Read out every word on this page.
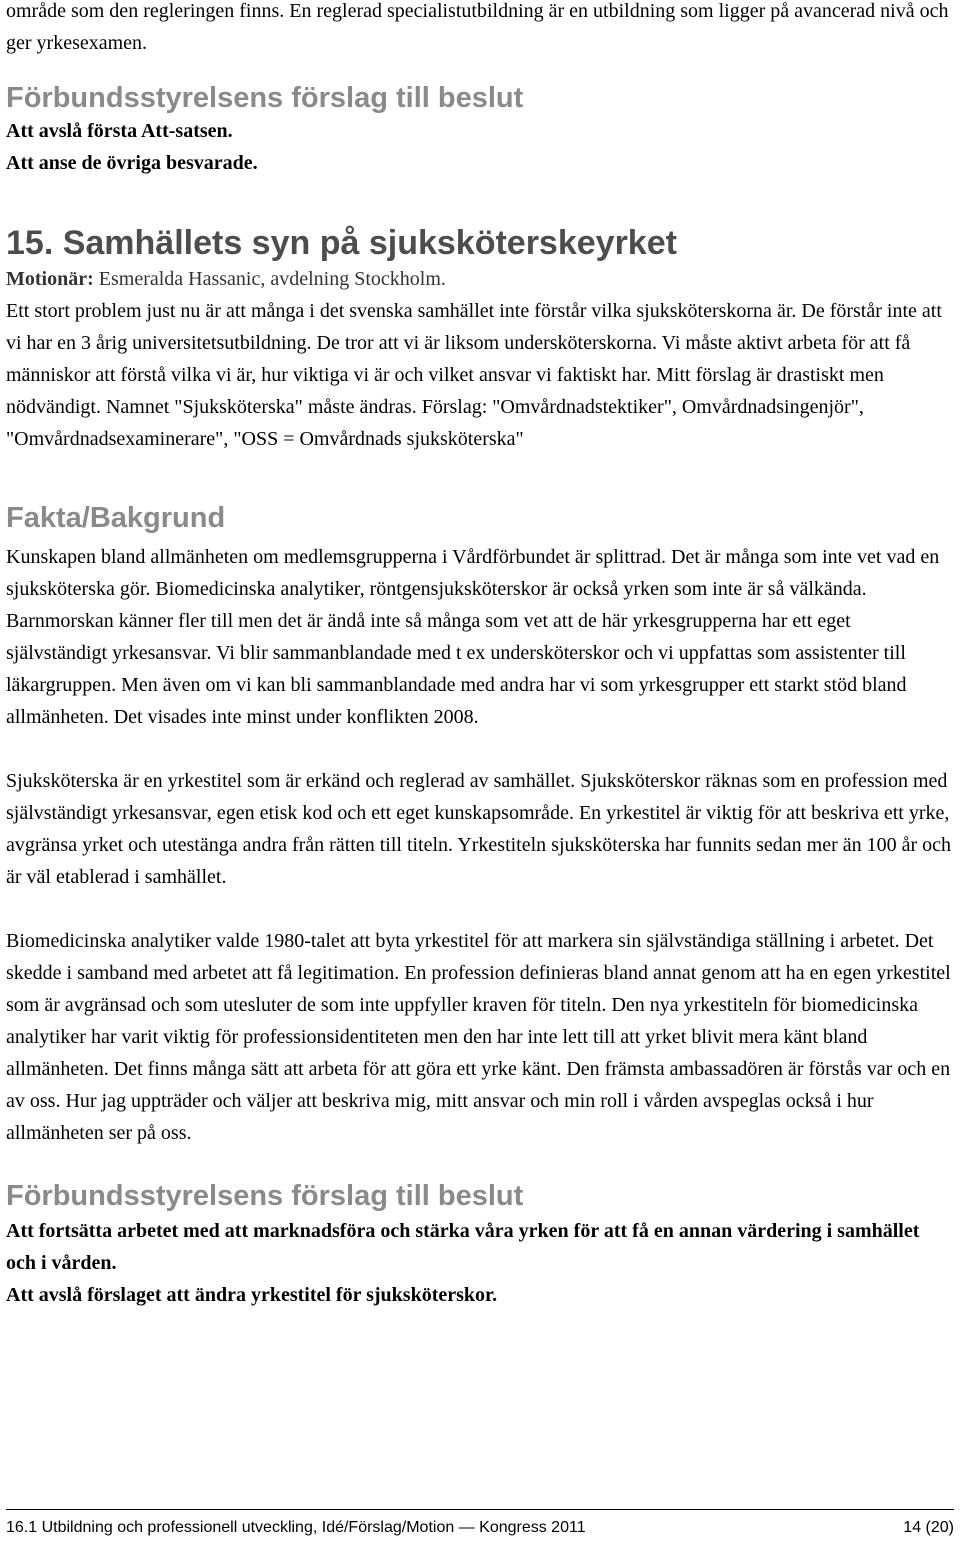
område som den regleringen finns. En reglerad specialistutbildning är en utbildning som ligger på avancerad nivå och ger yrkesexamen.

Förbundsstyrelsens förslag till beslut

Att avslå första Att-satsen.

Att anse de övriga besvarade.

15. Samhällets syn på sjuksköterskeyrket

Motionär: Esmeralda Hassanic, avdelning Stockholm.

Ett stort problem just nu är att många i det svenska samhället inte förstår vilka sjuksköterskorna är. De förstår inte att vi har en 3 årig universitetsutbildning. De tror att vi är liksom undersköterskorna. Vi måste aktivt arbeta för att få människor att förstå vilka vi är, hur viktiga vi är och vilket ansvar vi faktiskt har. Mitt förslag är drastiskt men nödvändigt. Namnet "Sjuksköterska" måste ändras. Förslag: "Omvårdnadstektiker", Omvårdnadsingenjör", "Omvårdnadsexaminerare", "OSS = Omvårdnads sjuksköterska"

Fakta/Bakgrund

Kunskapen bland allmänheten om medlemsgrupperna i Vårdförbundet är splittrad. Det är många som inte vet vad en sjuksköterska gör. Biomedicinska analytiker, röntgensjuksköterskor är också yrken som inte är så välkända. Barnmorskan känner fler till men det är ändå inte så många som vet att de här yrkesgrupperna har ett eget självständigt yrkesansvar. Vi blir sammanblandade med t ex undersköterskor och vi uppfattas som assistenter till läkargruppen. Men även om vi kan bli sammanblandade med andra har vi som yrkesgrupper ett starkt stöd bland allmänheten. Det visades inte minst under konflikten 2008.

Sjuksköterska är en yrkestitel som är erkänd och reglerad av samhället. Sjuksköterskor räknas som en profession med självständigt yrkesansvar, egen etisk kod och ett eget kunskapsområde. En yrkestitel är viktig för att beskriva ett yrke, avgränsa yrket och utestänga andra från rätten till titeln. Yrkestiteln sjuksköterska har funnits sedan mer än 100 år och är väl etablerad i samhället.

Biomedicinska analytiker valde 1980-talet att byta yrkestitel för att markera sin självständiga ställning i arbetet. Det skedde i samband med arbetet att få legitimation. En profession definieras bland annat genom att ha en egen yrkestitel som är avgränsad och som utesluter de som inte uppfyller kraven för titeln. Den nya yrkestiteln för biomedicinska analytiker har varit viktig för professionsidentiteten men den har inte lett till att yrket blivit mera känt bland allmänheten. Det finns många sätt att arbeta för att göra ett yrke känt. Den främsta ambassadören är förstås var och en av oss. Hur jag uppträder och väljer att beskriva mig, mitt ansvar och min roll i vården avspeglas också i hur allmänheten ser på oss.

Förbundsstyrelsens förslag till beslut

Att fortsätta arbetet med att marknadsföra och stärka våra yrken för att få en annan värdering i samhället och i vården.

Att avslå förslaget att ändra yrkestitel för sjuksköterskor.

16.1 Utbildning och professionell utveckling, Idé/Förslag/Motion — Kongress 2011	14 (20)
